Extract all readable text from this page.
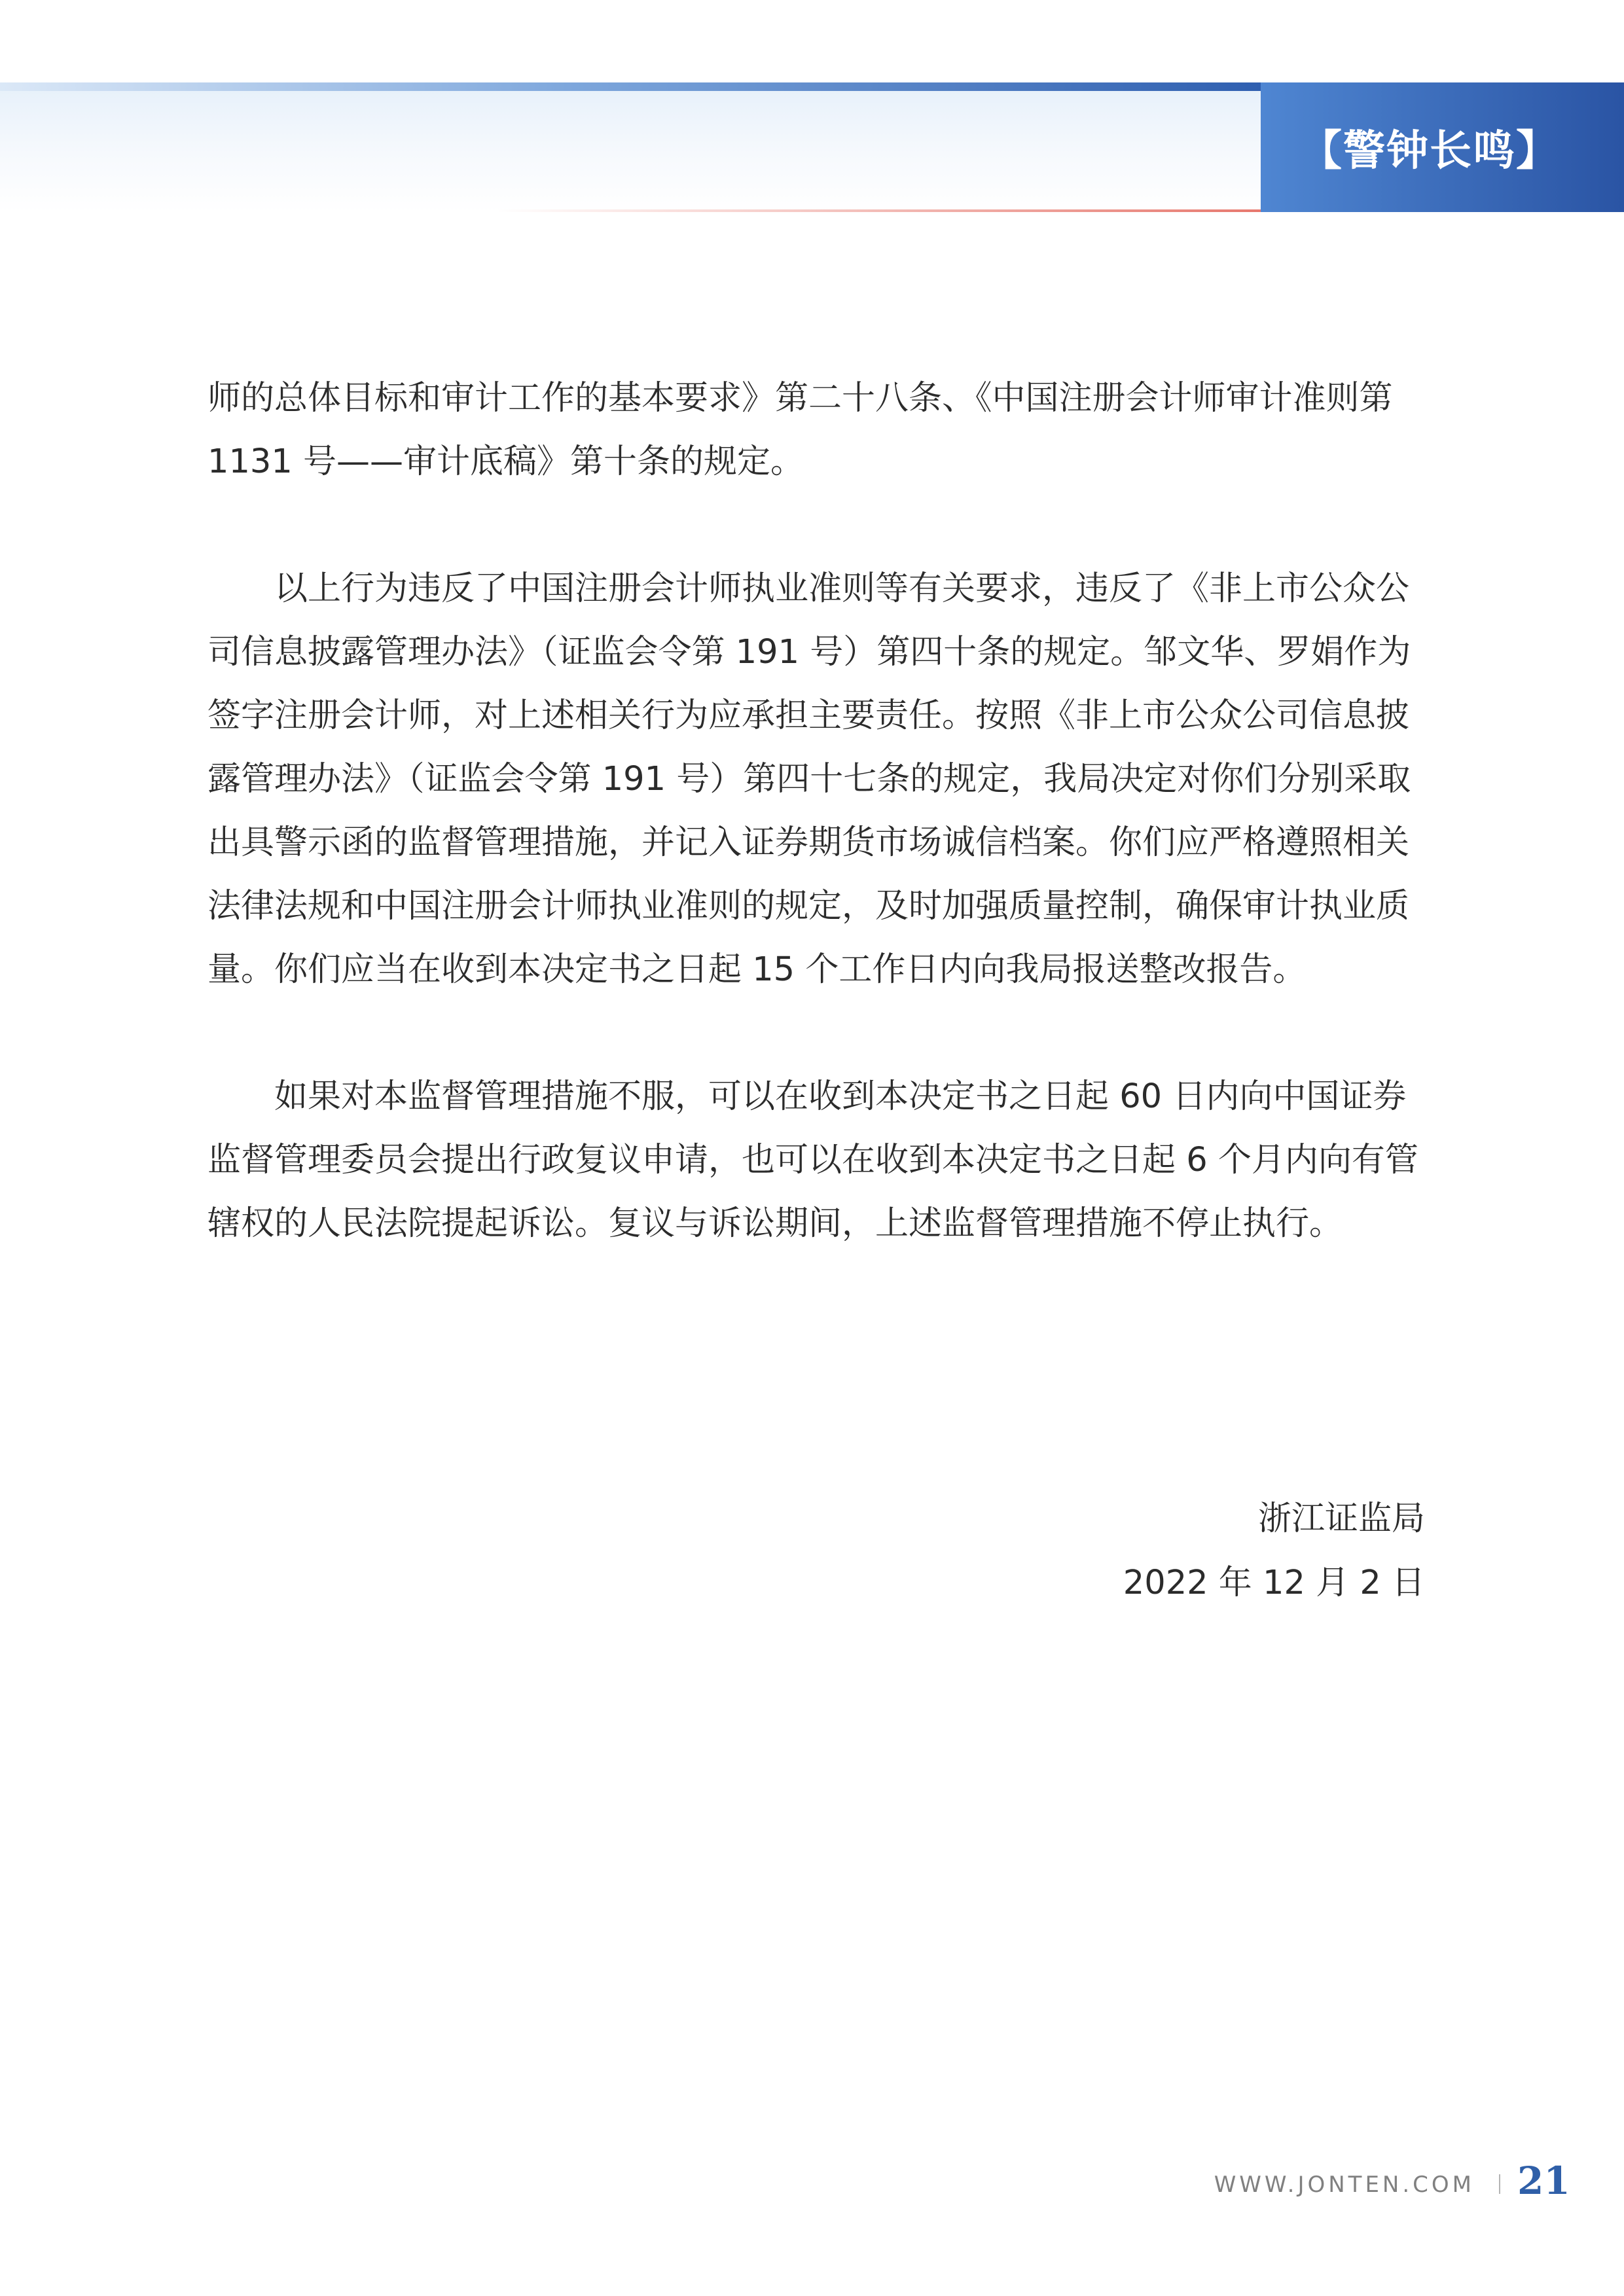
【警钟长鸣】

师的总体目标和审计工作的基本要求》第二十八条、《中国注册会计师审计准则第 1131 号——审计底稿》第十条的规定。

以上行为违反了中国注册会计师执业准则等有关要求，违反了《非上市公众公司信息披露管理办法》（证监会令第 191 号）第四十条的规定。邹文华、罗娟作为签字注册会计师，对上述相关行为应承担主要责任。按照《非上市公众公司信息披露管理办法》（证监会令第 191 号）第四十七条的规定，我局决定对你们分别采取出具警示函的监督管理措施，并记入证券期货市场诚信档案。你们应严格遵照相关法律法规和中国注册会计师执业准则的规定，及时加强质量控制，确保审计执业质量。你们应当在收到本决定书之日起 15 个工作日内向我局报送整改报告。

如果对本监督管理措施不服，可以在收到本决定书之日起 60 日内向中国证券监督管理委员会提出行政复议申请，也可以在收到本决定书之日起 6 个月内向有管辖权的人民法院提起诉讼。复议与诉讼期间，上述监督管理措施不停止执行。

浙江证监局
2022 年 12 月 2 日
WWW.JONTEN.COM 21
